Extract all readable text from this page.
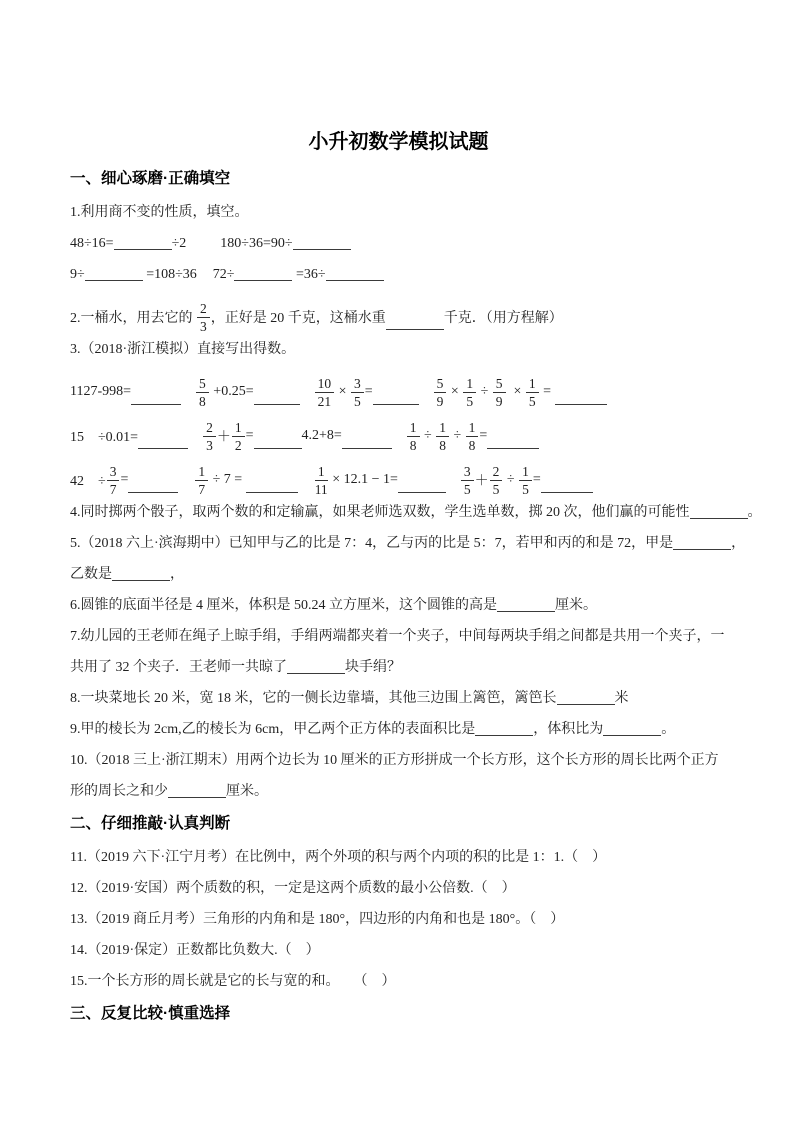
小升初数学模拟试题
一、细心琢磨·正确填空
1.利用商不变的性质，填空。
48÷16=	÷2 180÷36=90÷
9÷	=108÷36 72÷	=36÷
2.一桶水，用去它的 $\frac{2}{3}$ ，正好是 20 千克，这桶水重	千克．（用方程解）
3.（2018·浙江模拟）直接写出得数。
1127-998=	$\frac{5}{8} +0.25=$	$\frac{10}{21} \times \frac{3}{5}$ =	$\frac{5}{9} \times \frac{1}{5} \div \frac{5}{9} \times \frac{1}{5}$ =
15　÷0.01=	$\frac{2}{3} + \frac{1}{2}$ =	4.2+8=	$\frac{1}{8} \div \frac{1}{8} \div \frac{1}{8}$ =
42　÷ $\frac{3}{7}$ =	$\frac{1}{7} \div 7$ =	$\frac{1}{11} \times 12.1 - 1=$	$\frac{3}{5} + \frac{2}{5} \div \frac{1}{5}$ =
4.同时掷两个骰子，取两个数的和定输赢，如果老师选双数，学生选单数，掷 20 次，他们赢的可能性	。
5.（2018 六上·滨海期中）已知甲与乙的比是 7：4，乙与丙的比是 5：7，若甲和丙的和是 72，甲是	，
乙数是	，
6.圆锥的底面半径是 4 厘米，体积是 50.24 立方厘米，这个圆锥的高是	厘米。
7.幼儿园的王老师在绳子上晾手绢，手绢两端都夹着一个夹子，中间每两块手绢之间都是共用一个夹子，一
共用了 32 个夹子．王老师一共晾了	块手绢？
8.一块菜地长 20 米，宽 18 米，它的一侧长边靠墙，其他三边围上篱笆，篱笆长	米
9.甲的棱长为 2cm,乙的棱长为 6cm，甲乙两个正方体的表面积比是	，体积比为	。
10.（2018 三上·浙江期末）用两个边长为 10 厘米的正方形拼成一个长方形，这个长方形的周长比两个正方
形的周长之和少	厘米。
二、仔细推敲·认真判断
11.（2019 六下·江宁月考）在比例中，两个外项的积与两个内项的积的比是 1：1.（　）
12.（2019·安国）两个质数的积，一定是这两个质数的最小公倍数.（　）
13.（2019 商丘月考）三角形的内角和是 180°，四边形的内角和也是 180°。（　）
14.（2019·保定）正数都比负数大.（　）
15.一个长方形的周长就是它的长与宽的和。　　（　）
三、反复比较·慎重选择
